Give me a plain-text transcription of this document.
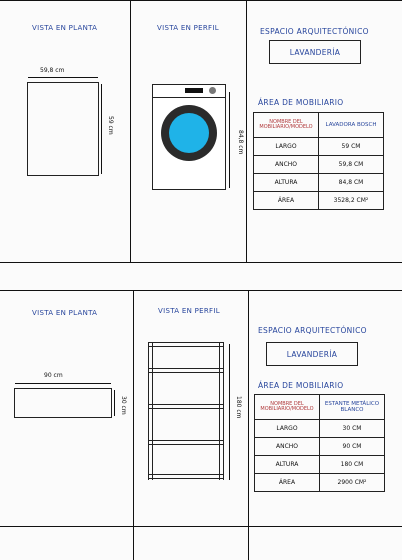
VISTA EN PLANTA	VISTA EN PERFIL	ESPACIO ARQUITECTÓNICO
LAVANDERÍA
59,8 cm
59 cm
84,8 cm
ÁREA DE MOBILIARIO
NOMBRE DEL MOBILIARIO/MODELO	LAVADORA BOSCH
LARGO	59 CM
ANCHO	59,8 CM
ALTURA	84,8 CM
ÁREA	3528,2 CM²
VISTA EN PLANTA	VISTA EN PERFIL
ESPACIO ARQUITECTÓNICO
LAVANDERÍA
90 cm
30 cm	180 cm
ÁREA DE MOBILIARIO
NOMBRE DEL MOBILIARIO/MODELO	ESTANTE METÁLICO BLANCO
LARGO	30 CM
ANCHO	90 CM
ALTURA	180 CM
ÁREA	2900 CM²
